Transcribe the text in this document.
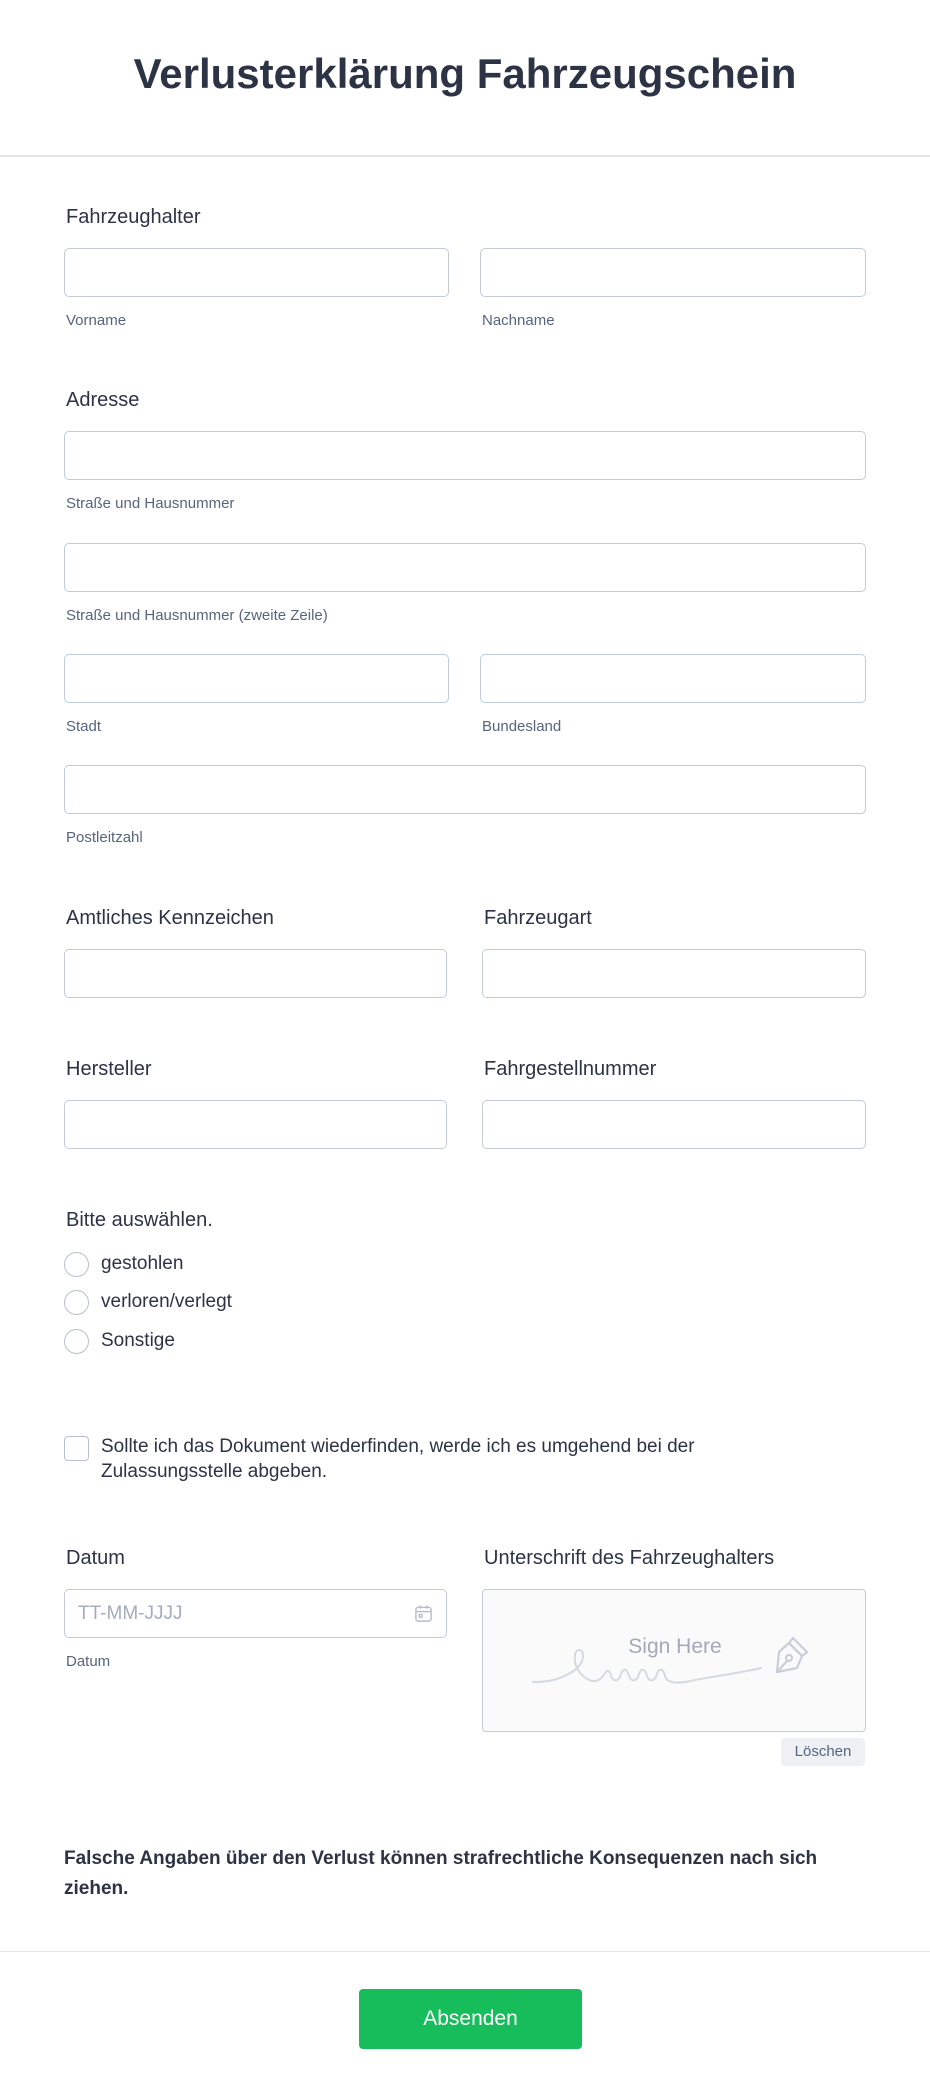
Verlusterklärung Fahrzeugschein
Fahrzeughalter
Vorname	Nachname
Adresse
Straße und Hausnummer
Straße und Hausnummer (zweite Zeile)
Stadt	Bundesland
Postleitzahl
Amtliches Kennzeichen	Fahrzeugart
Hersteller	Fahrgestellnummer
Bitte auswählen.
gestohlen
verloren/verlegt
Sonstige
Sollte ich das Dokument wiederfinden, werde ich es umgehend bei der Zulassungsstelle abgeben.
Datum
TT-MM-JJJJ
Datum
Unterschrift des Fahrzeughalters
Sign Here
Löschen
Falsche Angaben über den Verlust können strafrechtliche Konsequenzen nach sich ziehen.
Absenden
